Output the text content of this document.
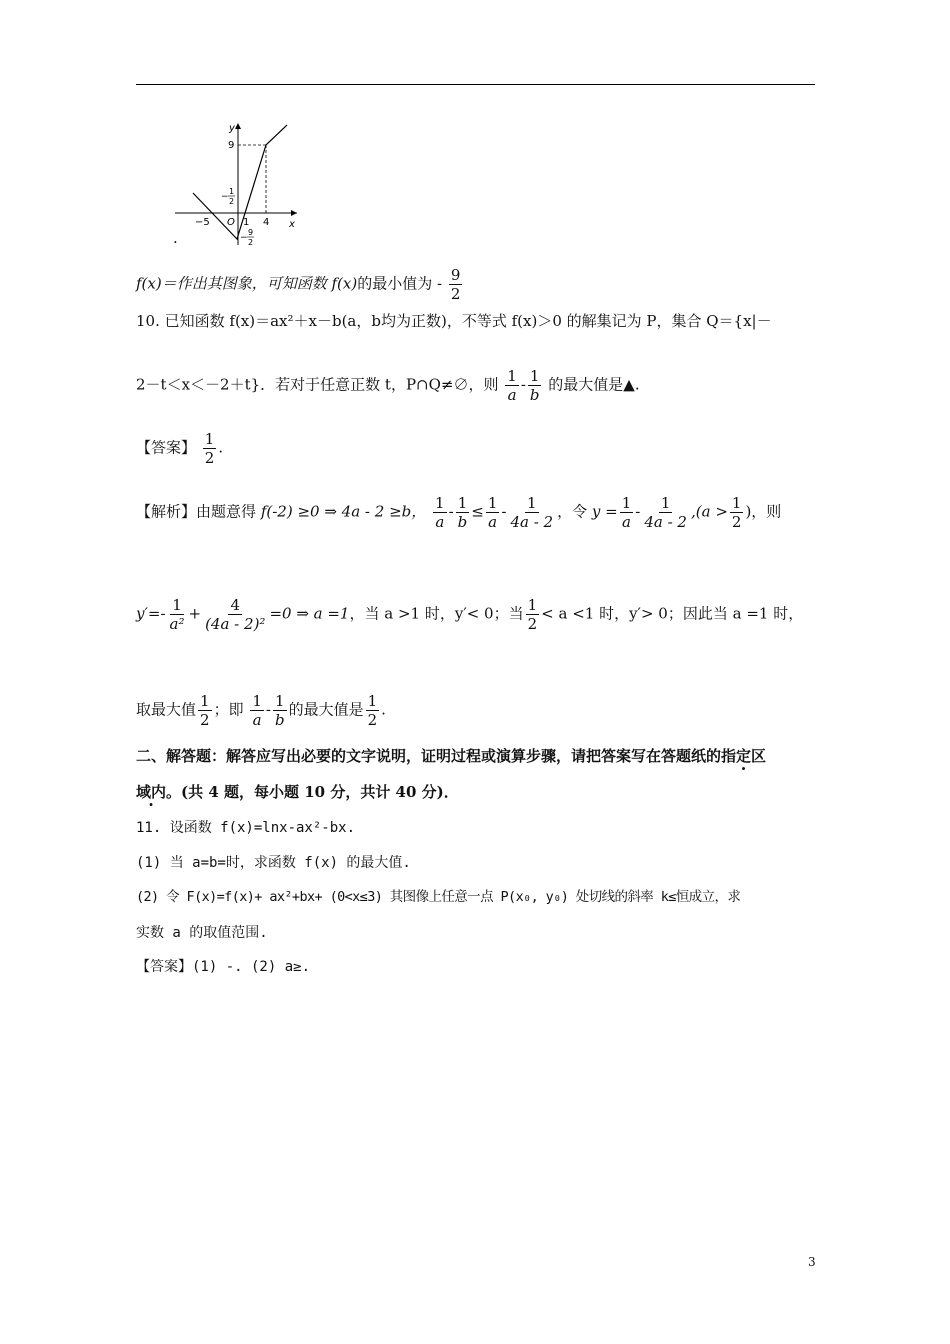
y
x
9
4
1
−5 O
−
1
2
−
9
2
.
f(x)＝作出其图象，可知函数 f(x)的最小值为 - $\frac{9}{2}$
10. 已知函数 f(x)＝ax²＋x－b(a，b均为正数)，不等式 f(x)＞0 的解集记为 P，集合 Q＝{x|－
2－t＜x＜－2＋t}．若对于任意正数 t，P∩Q≠∅，则 $\frac{1}{a} - \frac{1}{b}$ 的最大值是▲.
【答案】 $\frac{1}{2}$ .
【解析】由题意得 f(-2) ≥0 ⇒ 4a - 2 ≥b， $\frac{1}{a} - \frac{1}{b} \le \frac{1}{a} - \frac{1}{4a - 2}$ ，令 $y = \frac{1}{a} - \frac{1}{4a - 2} ,(a > \frac{1}{2}$ )，则
$y'=- \frac{1}{\text{a²}} + \frac{4}{\text{(4a - 2)²}} =0$ ⇒ a =1，当 a >1 时，y′< 0；当 $\frac{1}{2} < a <1$ 时，y′> 0；因此当 a =1 时，
取最大值 $\frac{1}{2}$ ；即 $\frac{1}{a} - \frac{1}{b}$ 的最大值是 $\frac{1}{2}$ .
二、解答题：解答应写出必要的文字说明，证明过程或演算步骤，请把答案写在答题纸的指定区
域内。(共 4 题，每小题 10 分，共计 40 分)．
11. 设函数 f(x)=lnx-ax²-bx.
(1) 当 a=b=时，求函数 f(x) 的最大值.
(2) 令 F(x)=f(x)+ ax²+bx+ (0<x≤3) 其图像上任意一点 P(x₀, y₀) 处切线的斜率 k≤恒成立，求
实数 a 的取值范围.
【答案】(1) -. (2) a≥.
3
